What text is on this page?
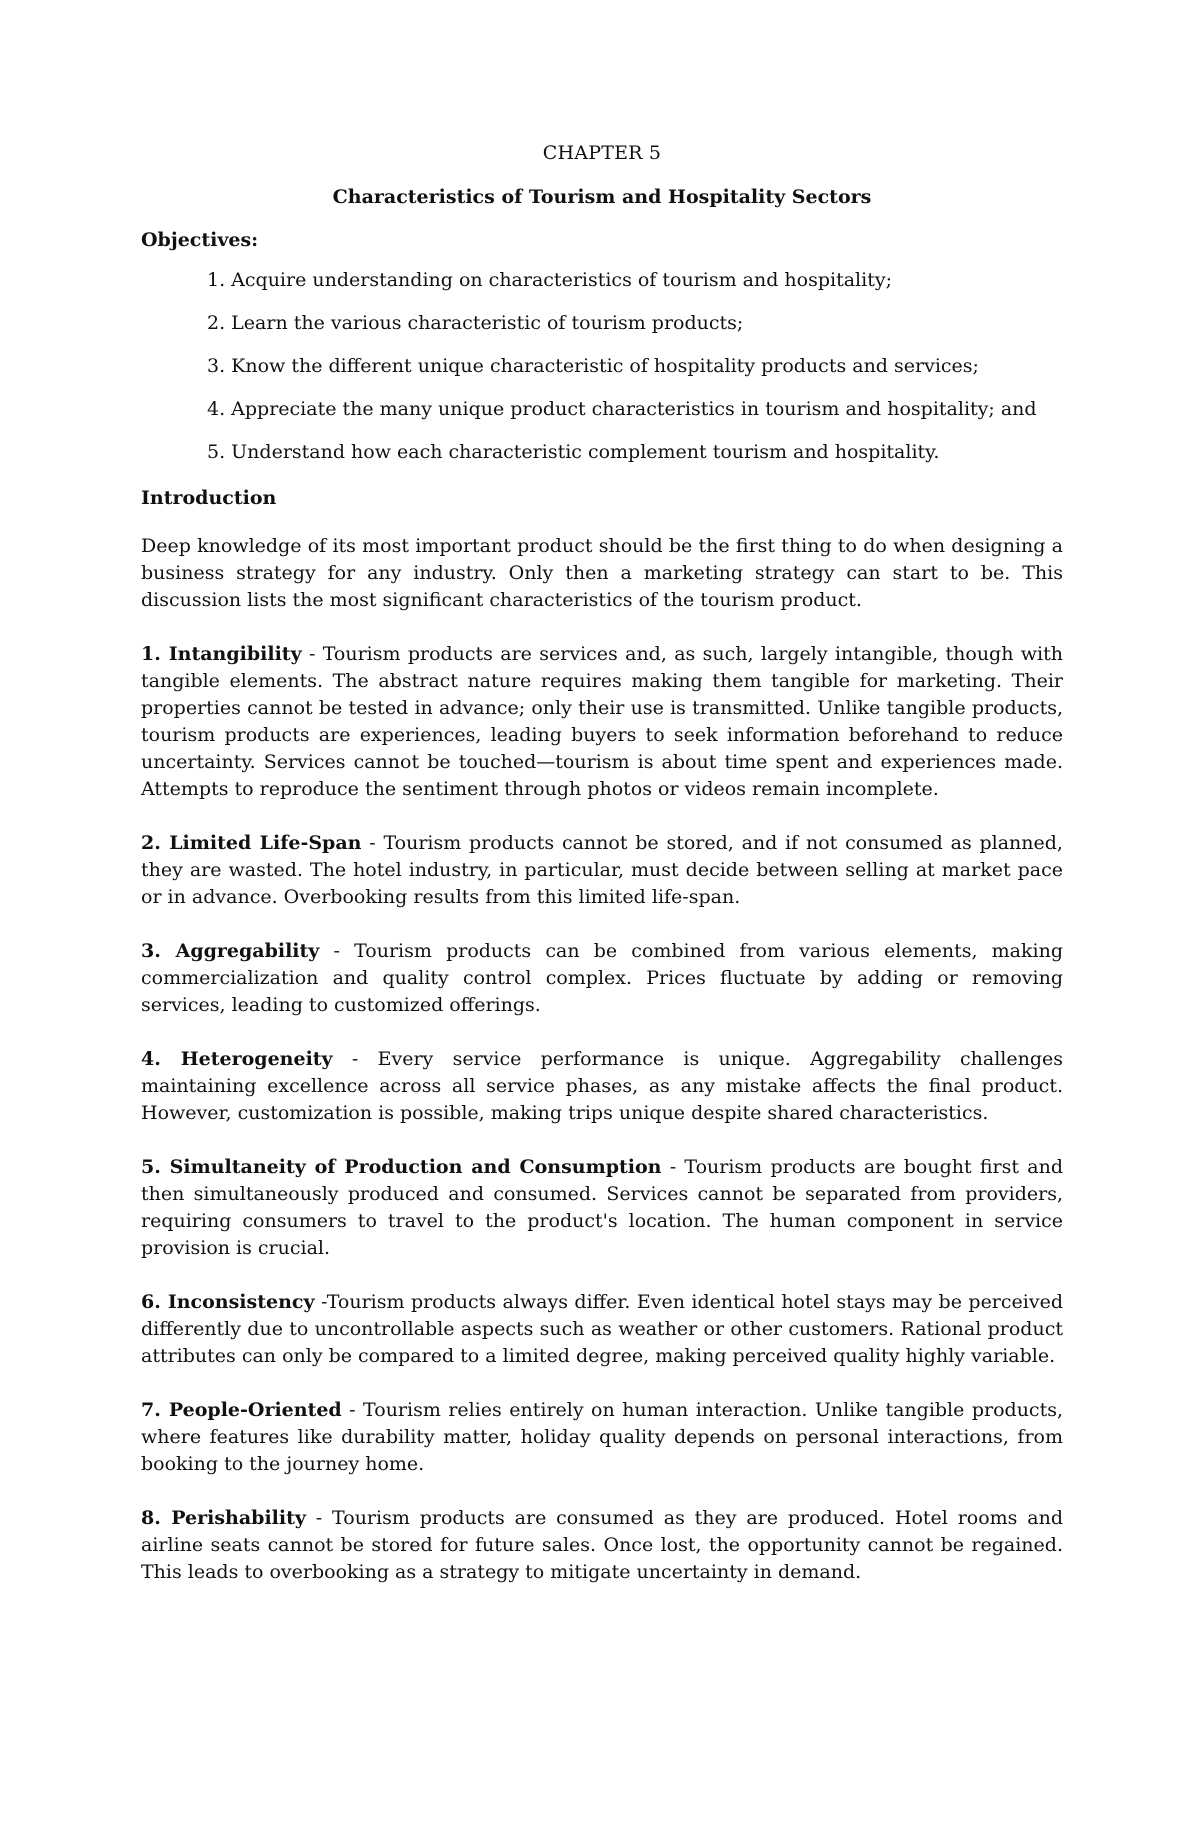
CHAPTER 5
Characteristics of Tourism and Hospitality Sectors
Objectives:
1. Acquire understanding on characteristics of tourism and hospitality;
2. Learn the various characteristic of tourism products;
3. Know the different unique characteristic of hospitality products and services;
4. Appreciate the many unique product characteristics in tourism and hospitality; and
5. Understand how each characteristic complement tourism and hospitality.
Introduction

Deep knowledge of its most important product should be the first thing to do when designing a business strategy for any industry. Only then a marketing strategy can start to be. This discussion lists the most significant characteristics of the tourism product.

1. Intangibility - Tourism products are services and, as such, largely intangible, though with tangible elements. The abstract nature requires making them tangible for marketing. Their properties cannot be tested in advance; only their use is transmitted. Unlike tangible products, tourism products are experiences, leading buyers to seek information beforehand to reduce uncertainty. Services cannot be touched—tourism is about time spent and experiences made. Attempts to reproduce the sentiment through photos or videos remain incomplete.

2. Limited Life-Span - Tourism products cannot be stored, and if not consumed as planned, they are wasted. The hotel industry, in particular, must decide between selling at market pace or in advance. Overbooking results from this limited life-span.

3. Aggregability - Tourism products can be combined from various elements, making commercialization and quality control complex. Prices fluctuate by adding or removing services, leading to customized offerings.

4. Heterogeneity - Every service performance is unique. Aggregability challenges maintaining excellence across all service phases, as any mistake affects the final product. However, customization is possible, making trips unique despite shared characteristics.

5. Simultaneity of Production and Consumption - Tourism products are bought first and then simultaneously produced and consumed. Services cannot be separated from providers, requiring consumers to travel to the product's location. The human component in service provision is crucial.

6. Inconsistency -Tourism products always differ. Even identical hotel stays may be perceived differently due to uncontrollable aspects such as weather or other customers. Rational product attributes can only be compared to a limited degree, making perceived quality highly variable.

7. People-Oriented - Tourism relies entirely on human interaction. Unlike tangible products, where features like durability matter, holiday quality depends on personal interactions, from booking to the journey home.

8. Perishability - Tourism products are consumed as they are produced. Hotel rooms and airline seats cannot be stored for future sales. Once lost, the opportunity cannot be regained. This leads to overbooking as a strategy to mitigate uncertainty in demand.
